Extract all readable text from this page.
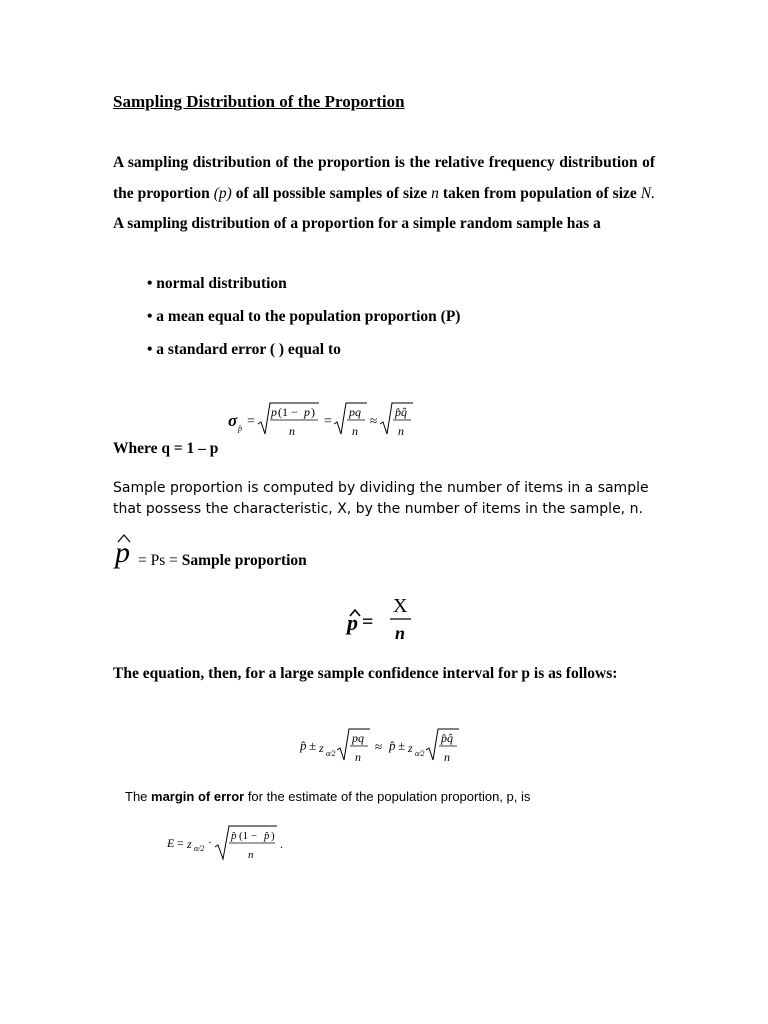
Sampling Distribution of the Proportion
A sampling distribution of the proportion is the relative frequency distribution of the proportion (p) of all possible samples of size n taken from population of size N. A sampling distribution of a proportion for a simple random sample has a
• normal distribution
• a mean equal to the population proportion (P)
• a standard error ( ) equal to
σ p̂ =
p (1 − p )
n
=
pq
n
≈
p̂q̂
n
Where q = 1 – p
Sample proportion is computed by dividing the number of items in a sample that possess the characteristic, X, by the number of items in the sample, n.
p = Ps = Sample proportion
p =
X
n
The equation, then, for a large sample confidence interval for p is as follows:
p̂ ± z α⁄2
pq
n
≈ p̂ ± z α⁄2
p̂q̂
n
The margin of error for the estimate of the population proportion, p, is
E = z α/2 · p̂ (1 − p̂ )
n
.
